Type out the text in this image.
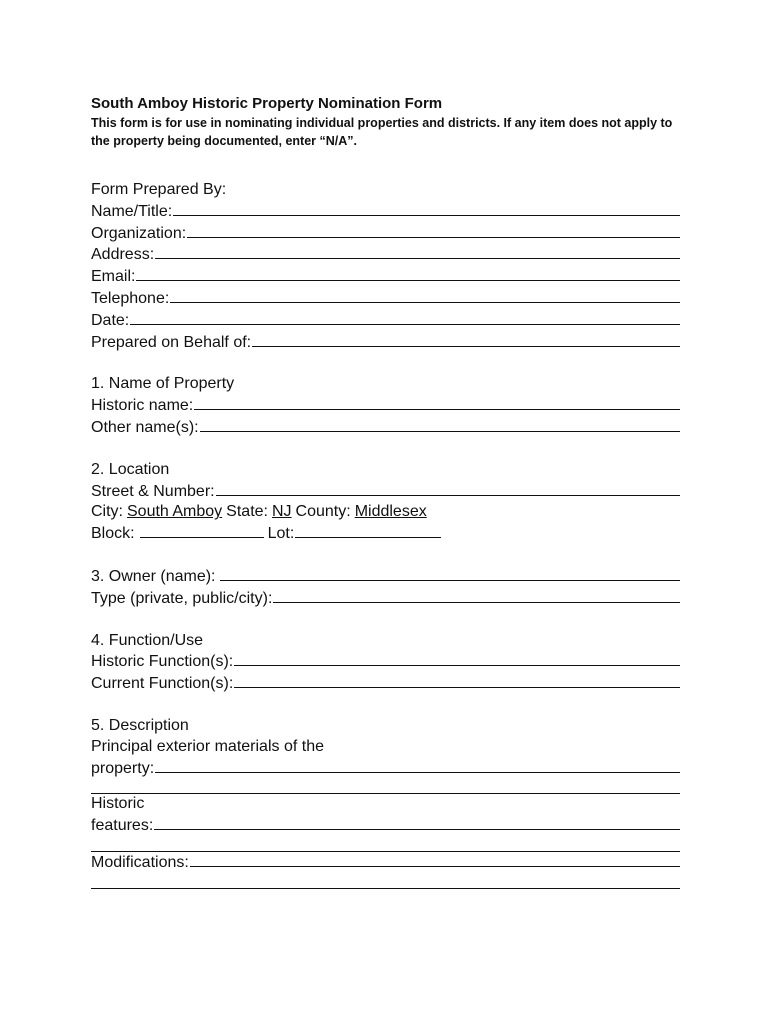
South Amboy Historic Property Nomination Form

This form is for use in nominating individual properties and districts. If any item does not apply to the property being documented, enter “N/A”.

Form Prepared By:
Name/Title:
Organization:
Address:
Email:
Telephone:
Date:
Prepared on Behalf of:
1. Name of Property
Historic name:
Other name(s):
2. Location
Street & Number:
City: South Amboy State: NJ County: Middlesex
Block:	Lot:
3. Owner (name):
Type (private, public/city):
4. Function/Use
Historic Function(s):
Current Function(s):
5. Description
Principal exterior materials of the
property:
Historic
features:
Modifications:
